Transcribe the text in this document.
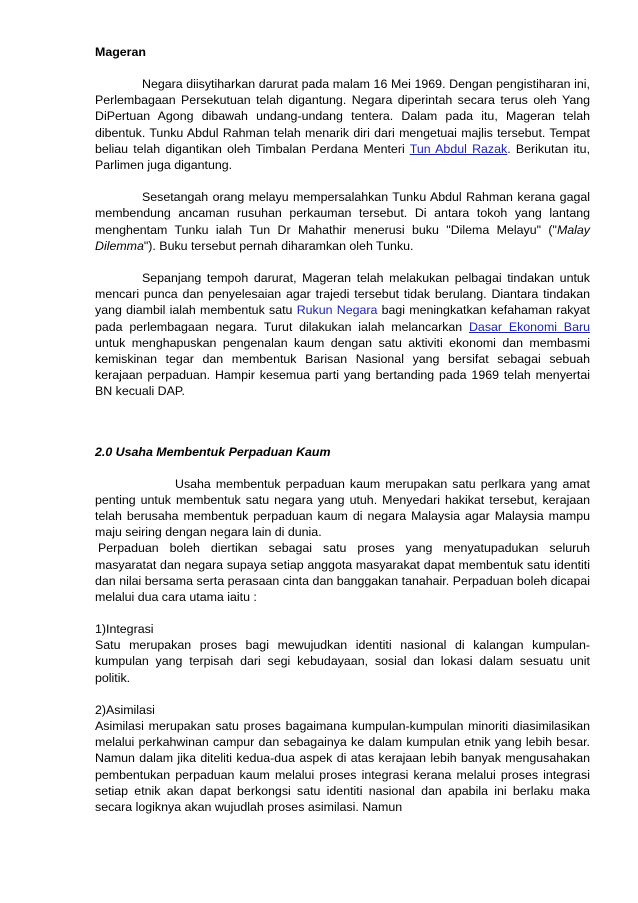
Mageran

Negara diisytiharkan darurat pada malam 16 Mei 1969. Dengan pengistiharan ini, Perlembagaan Persekutuan telah digantung. Negara diperintah secara terus oleh Yang DiPertuan Agong dibawah undang-undang tentera. Dalam pada itu, Mageran telah dibentuk. Tunku Abdul Rahman telah menarik diri dari mengetuai majlis tersebut. Tempat beliau telah digantikan oleh Timbalan Perdana Menteri Tun Abdul Razak. Berikutan itu, Parlimen juga digantung.

Sesetangah orang melayu mempersalahkan Tunku Abdul Rahman kerana gagal membendung ancaman rusuhan perkauman tersebut. Di antara tokoh yang lantang menghentam Tunku ialah Tun Dr Mahathir menerusi buku "Dilema Melayu" ("Malay Dilemma"). Buku tersebut pernah diharamkan oleh Tunku.

Sepanjang tempoh darurat, Mageran telah melakukan pelbagai tindakan untuk mencari punca dan penyelesaian agar trajedi tersebut tidak berulang. Diantara tindakan yang diambil ialah membentuk satu Rukun Negara bagi meningkatkan kefahaman rakyat pada perlembagaan negara. Turut dilakukan ialah melancarkan Dasar Ekonomi Baru untuk menghapuskan pengenalan kaum dengan satu aktiviti ekonomi dan membasmi kemiskinan tegar dan membentuk Barisan Nasional yang bersifat sebagai sebuah kerajaan perpaduan. Hampir kesemua parti yang bertanding pada 1969 telah menyertai BN kecuali DAP.

2.0 Usaha Membentuk Perpaduan Kaum

Usaha membentuk perpaduan kaum merupakan satu perlkara yang amat penting untuk membentuk satu negara yang utuh. Menyedari hakikat tersebut, kerajaan telah berusaha membentuk perpaduan kaum di negara Malaysia agar Malaysia mampu maju seiring dengan negara lain di dunia.

Perpaduan boleh diertikan sebagai satu proses yang menyatupadukan seluruh masyaratat dan negara supaya setiap anggota masyarakat dapat membentuk satu identiti dan nilai bersama serta perasaan cinta dan banggakan tanahair. Perpaduan boleh dicapai melalui dua cara utama iaitu :

1)Integrasi

Satu merupakan proses bagi mewujudkan identiti nasional di kalangan kumpulan-kumpulan yang terpisah dari segi kebudayaan, sosial dan lokasi dalam sesuatu unit politik.

2)Asimilasi

Asimilasi merupakan satu proses bagaimana kumpulan-kumpulan minoriti diasimilasikan melalui perkahwinan campur dan sebagainya ke dalam kumpulan etnik yang lebih besar. Namun dalam jika diteliti kedua-dua aspek di atas kerajaan lebih banyak mengusahakan pembentukan perpaduan kaum melalui proses integrasi kerana melalui proses integrasi setiap etnik akan dapat berkongsi satu identiti nasional dan apabila ini berlaku maka secara logiknya akan wujudlah proses asimilasi. Namun
